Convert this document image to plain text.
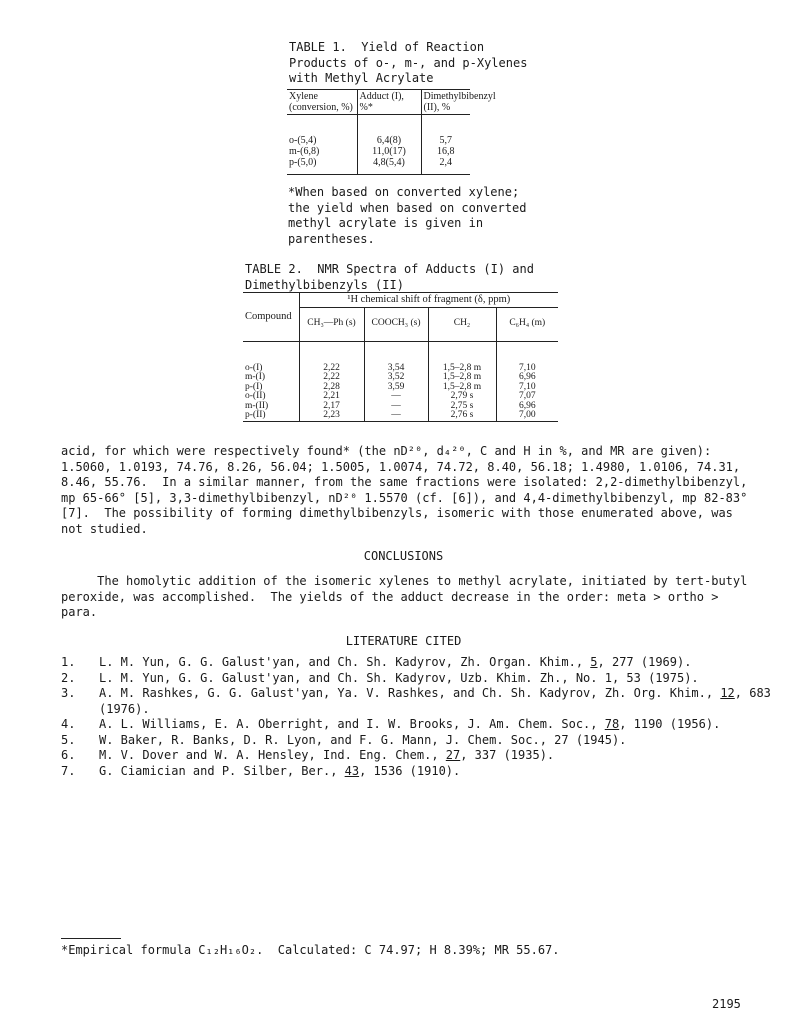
TABLE 1.  Yield of Reaction Products of o-, m-, and p-Xylenes with Methyl Acrylate
Xylene (conversion, %)	Adduct (I), %*	Dimethylbibenzyl (II), %

o-(5,4)	6,4(8)	5,7
m-(6,8)	11,0(17)	16,8
p-(5,0)	4,8(5,4)	2,4

*When based on converted xylene; the yield when based on converted methyl acrylate is given in parentheses.
TABLE 2.  NMR Spectra of Adducts (I) and Dimethylbibenzyls (II)
Compound	¹H chemical shift of fragment (δ, ppm)			
	CH₃—Ph (s)	COOCH₃ (s)	CH₂	C₆H₄ (m)

o-(I)	2,22	3,54	1,5–2,8 m	7,10
m-(I)	2,22	3,52	1,5–2,8 m	6,96
p-(I)	2,28	3,59	1,5–2,8 m	7,10
o-(II)	2,21	—	2,79 s	7,07
m-(II)	2,17	—	2,75 s	6,96
p-(II)	2,23	—	2,76 s	7,00

acid, for which were respectively found* (the nD²⁰, d₄²⁰, C and H in %, and MR are given): 1.5060, 1.0193, 74.76, 8.26, 56.04; 1.5005, 1.0074, 74.72, 8.40, 56.18; 1.4980, 1.0106, 74.31, 8.46, 55.76.  In a similar manner, from the same fractions were isolated: 2,2-dimethylbibenzyl, mp 65-66° [5], 3,3-dimethylbibenzyl, nD²⁰ 1.5570 (cf. [6]), and 4,4-dimethylbibenzyl, mp 82-83° [7].  The possibility of forming dimethylbibenzyls, isomeric with those enumerated above, was not studied.
CONCLUSIONS
The homolytic addition of the isomeric xylenes to methyl acrylate, initiated by tert-butyl peroxide, was accomplished.  The yields of the adduct decrease in the order: meta > ortho > para.
LITERATURE CITED
1.	L. M. Yun, G. G. Galust'yan, and Ch. Sh. Kadyrov, Zh. Organ. Khim., 5, 277 (1969).
2.	L. M. Yun, G. G. Galust'yan, and Ch. Sh. Kadyrov, Uzb. Khim. Zh., No. 1, 53 (1975).
3.	A. M. Rashkes, G. G. Galust'yan, Ya. V. Rashkes, and Ch. Sh. Kadyrov, Zh. Org. Khim., 12, 683 (1976).
4.	A. L. Williams, E. A. Oberright, and I. W. Brooks, J. Am. Chem. Soc., 78, 1190 (1956).
5.	W. Baker, R. Banks, D. R. Lyon, and F. G. Mann, J. Chem. Soc., 27 (1945).
6.	M. V. Dover and W. A. Hensley, Ind. Eng. Chem., 27, 337 (1935).
7.	G. Ciamician and P. Silber, Ber., 43, 1536 (1910).
*Empirical formula C₁₂H₁₆O₂.  Calculated: C 74.97; H 8.39%; MR 55.67.
2195
